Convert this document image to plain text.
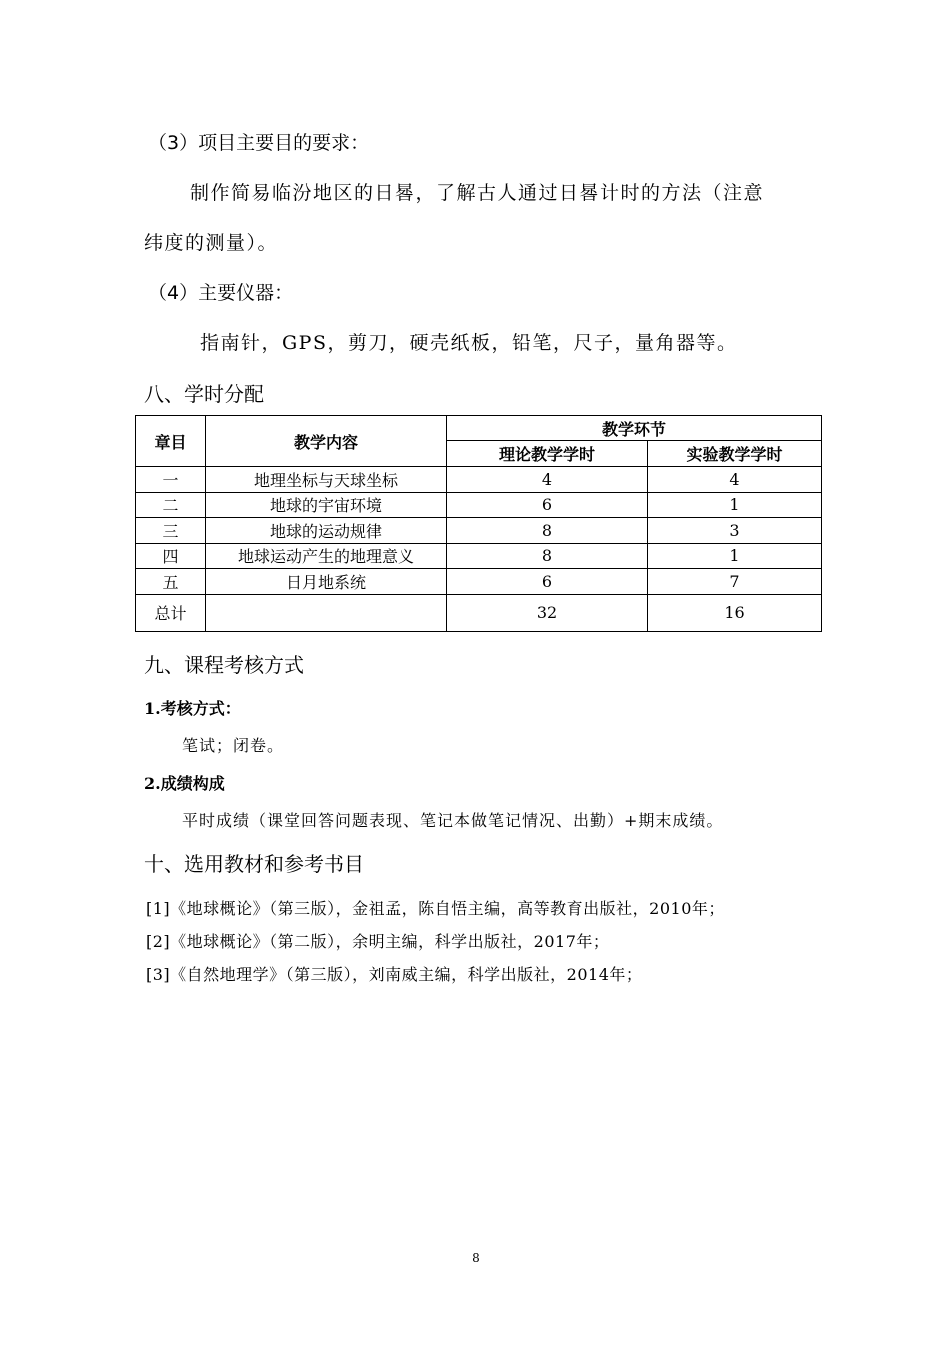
（3）项目主要目的要求：
制作简易临汾地区的日晷，了解古人通过日晷计时的方法（注意
纬度的测量）。
（4）主要仪器：
指南针，GPS，剪刀，硬壳纸板，铅笔，尺子，量角器等。
八、学时分配
章目	教学内容	教学环节	
		理论教学学时	实验教学学时
一	地理坐标与天球坐标	4	4
二	地球的宇宙环境	6	1
三	地球的运动规律	8	3
四	地球运动产生的地理意义	8	1
五	日月地系统	6	7
总计		32	16
九、课程考核方式
1.考核方式：
笔试；闭卷。
2.成绩构成
平时成绩（课堂回答问题表现、笔记本做笔记情况、出勤）+期末成绩。
十、选用教材和参考书目
[1]《地球概论》（第三版），金祖孟，陈自悟主编，高等教育出版社，2010年；
[2]《地球概论》（第二版），余明主编，科学出版社，2017年；
[3]《自然地理学》（第三版），刘南威主编，科学出版社，2014年；
8
